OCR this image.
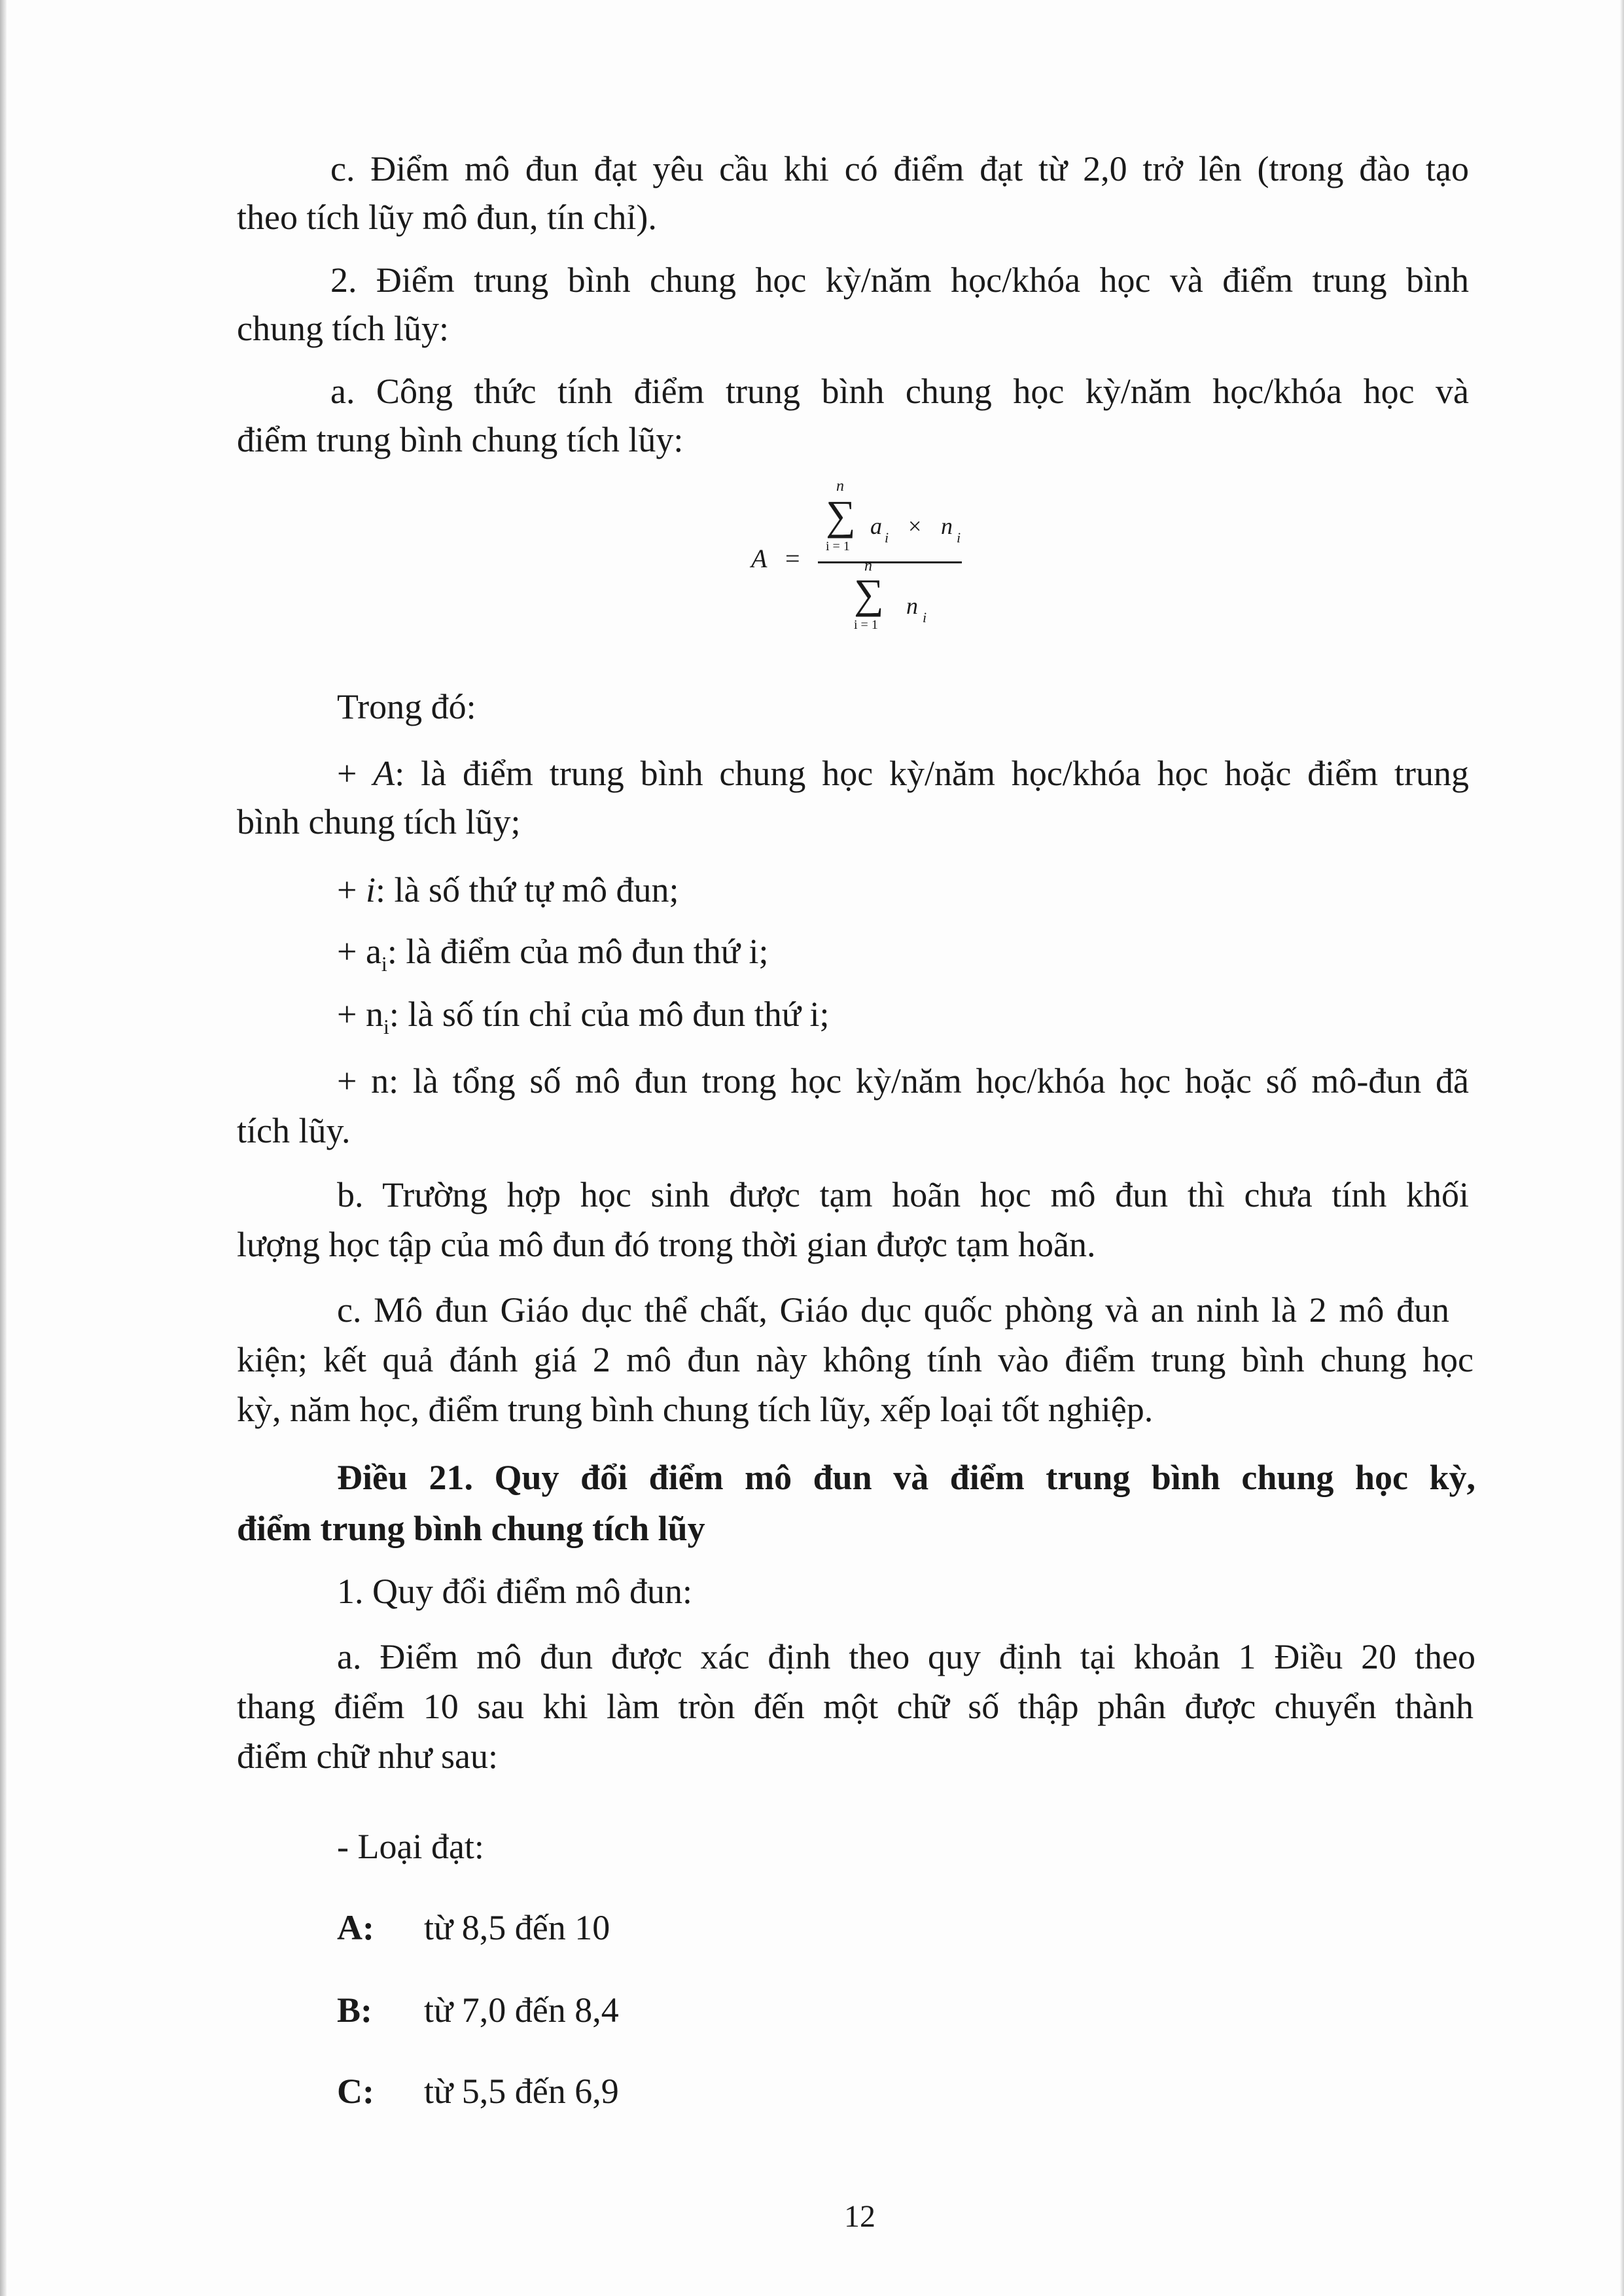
c. Điểm mô đun đạt yêu cầu khi có điểm đạt từ 2,0 trở lên (trong đào tạo
theo tích lũy mô đun, tín chỉ).
2. Điểm trung bình chung học kỳ/năm học/khóa học và điểm trung bình
chung tích lũy:
a. Công thức tính điểm trung bình chung học kỳ/năm học/khóa học và
điểm trung bình chung tích lũy:
A =
∑
n
i = 1
a i × n i
∑
n
i = 1
n i
Trong đó:
+ A: là điểm trung bình chung học kỳ/năm học/khóa học hoặc điểm trung
bình chung tích lũy;
+ i: là số thứ tự mô đun;
+ $a_i$: là điểm của mô đun thứ i;
+ $n_i$: là số tín chỉ của mô đun thứ i;
+ n: là tổng số mô đun trong học kỳ/năm học/khóa học hoặc số mô-đun đã
tích lũy.
b. Trường hợp học sinh được tạm hoãn học mô đun thì chưa tính khối
lượng học tập của mô đun đó trong thời gian được tạm hoãn.
c. Mô đun Giáo dục thể chất, Giáo dục quốc phòng và an ninh là 2 mô đun
kiện; kết quả đánh giá 2 mô đun này không tính vào điểm trung bình chung học
kỳ, năm học, điểm trung bình chung tích lũy, xếp loại tốt nghiệp.
Điều 21. Quy đổi điểm mô đun và điểm trung bình chung học kỳ,
điểm trung bình chung tích lũy
1. Quy đổi điểm mô đun:
a. Điểm mô đun được xác định theo quy định tại khoản 1 Điều 20 theo
thang điểm 10 sau khi làm tròn đến một chữ số thập phân được chuyển thành
điểm chữ như sau:
- Loại đạt:
A: từ 8,5 đến 10
B: từ 7,0 đến 8,4
C: từ 5,5 đến 6,9
12
